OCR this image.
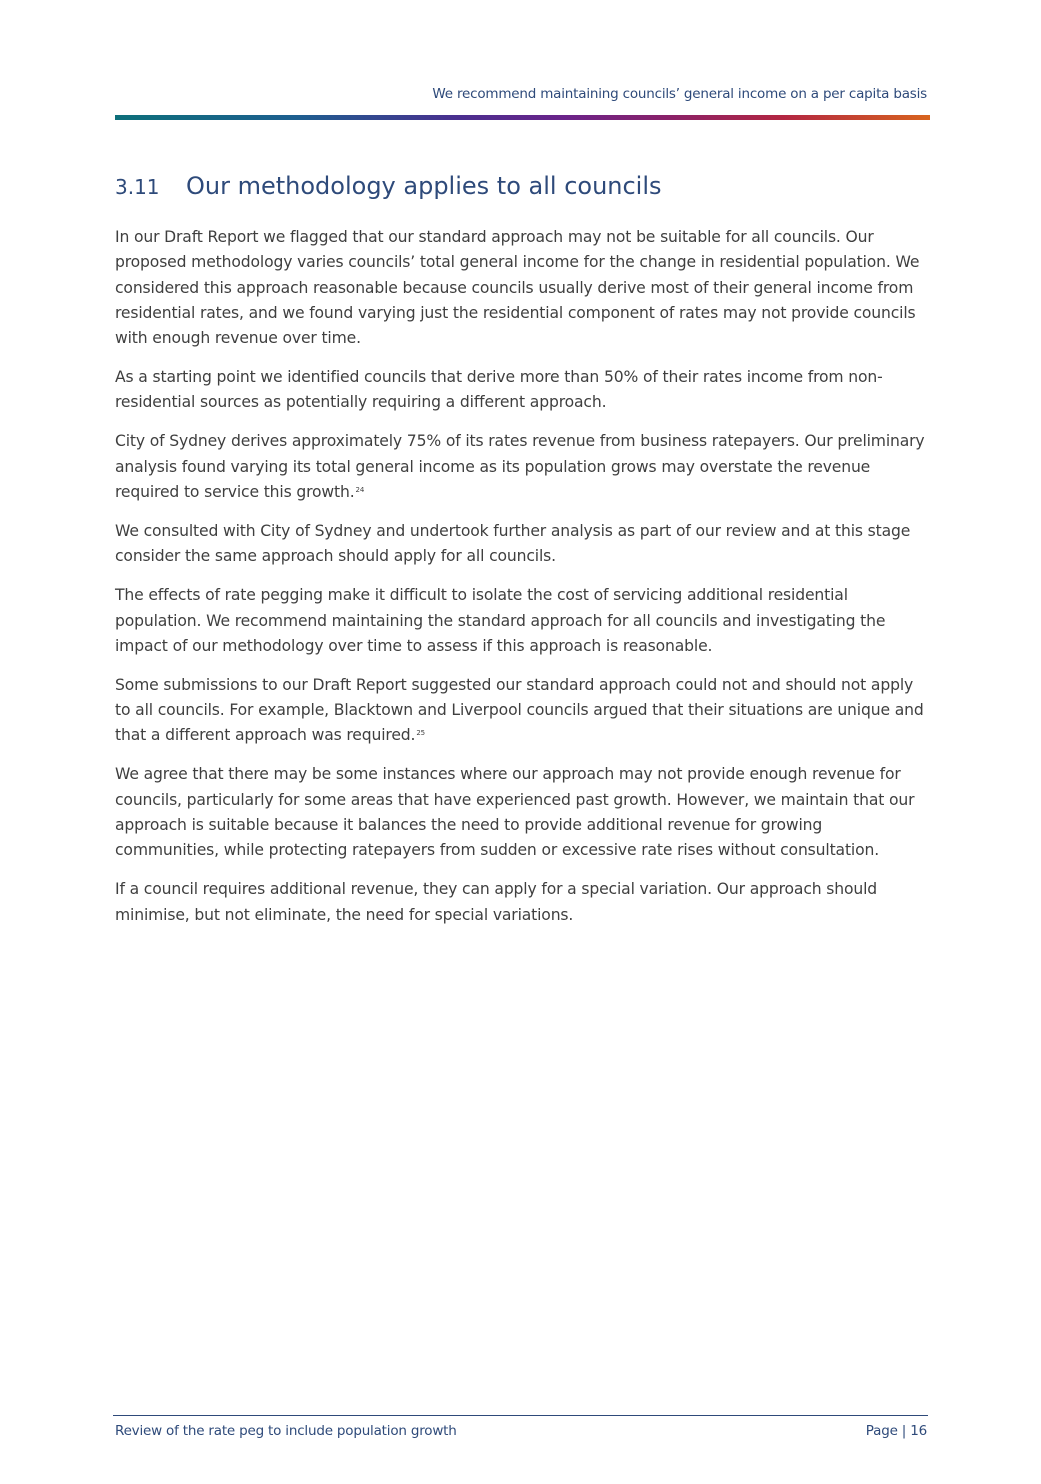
We recommend maintaining councils’ general income on a per capita basis
3.11 Our methodology applies to all councils

In our Draft Report we flagged that our standard approach may not be suitable for all councils. Our proposed methodology varies councils’ total general income for the change in residential population. We considered this approach reasonable because councils usually derive most of their general income from residential rates, and we found varying just the residential component of rates may not provide councils with enough revenue over time.

As a starting point we identified councils that derive more than 50% of their rates income from non-residential sources as potentially requiring a different approach.

City of Sydney derives approximately 75% of its rates revenue from business ratepayers. Our preliminary analysis found varying its total general income as its population grows may overstate the revenue required to service this growth.$^{24}$

We consulted with City of Sydney and undertook further analysis as part of our review and at this stage consider the same approach should apply for all councils.

The effects of rate pegging make it difficult to isolate the cost of servicing additional residential population. We recommend maintaining the standard approach for all councils and investigating the impact of our methodology over time to assess if this approach is reasonable.

Some submissions to our Draft Report suggested our standard approach could not and should not apply to all councils. For example, Blacktown and Liverpool councils argued that their situations are unique and that a different approach was required.$^{25}$

We agree that there may be some instances where our approach may not provide enough revenue for councils, particularly for some areas that have experienced past growth. However, we maintain that our approach is suitable because it balances the need to provide additional revenue for growing communities, while protecting ratepayers from sudden or excessive rate rises without consultation.

If a council requires additional revenue, they can apply for a special variation. Our approach should minimise, but not eliminate, the need for special variations.

Review of the rate peg to include population growth	Page | 16
